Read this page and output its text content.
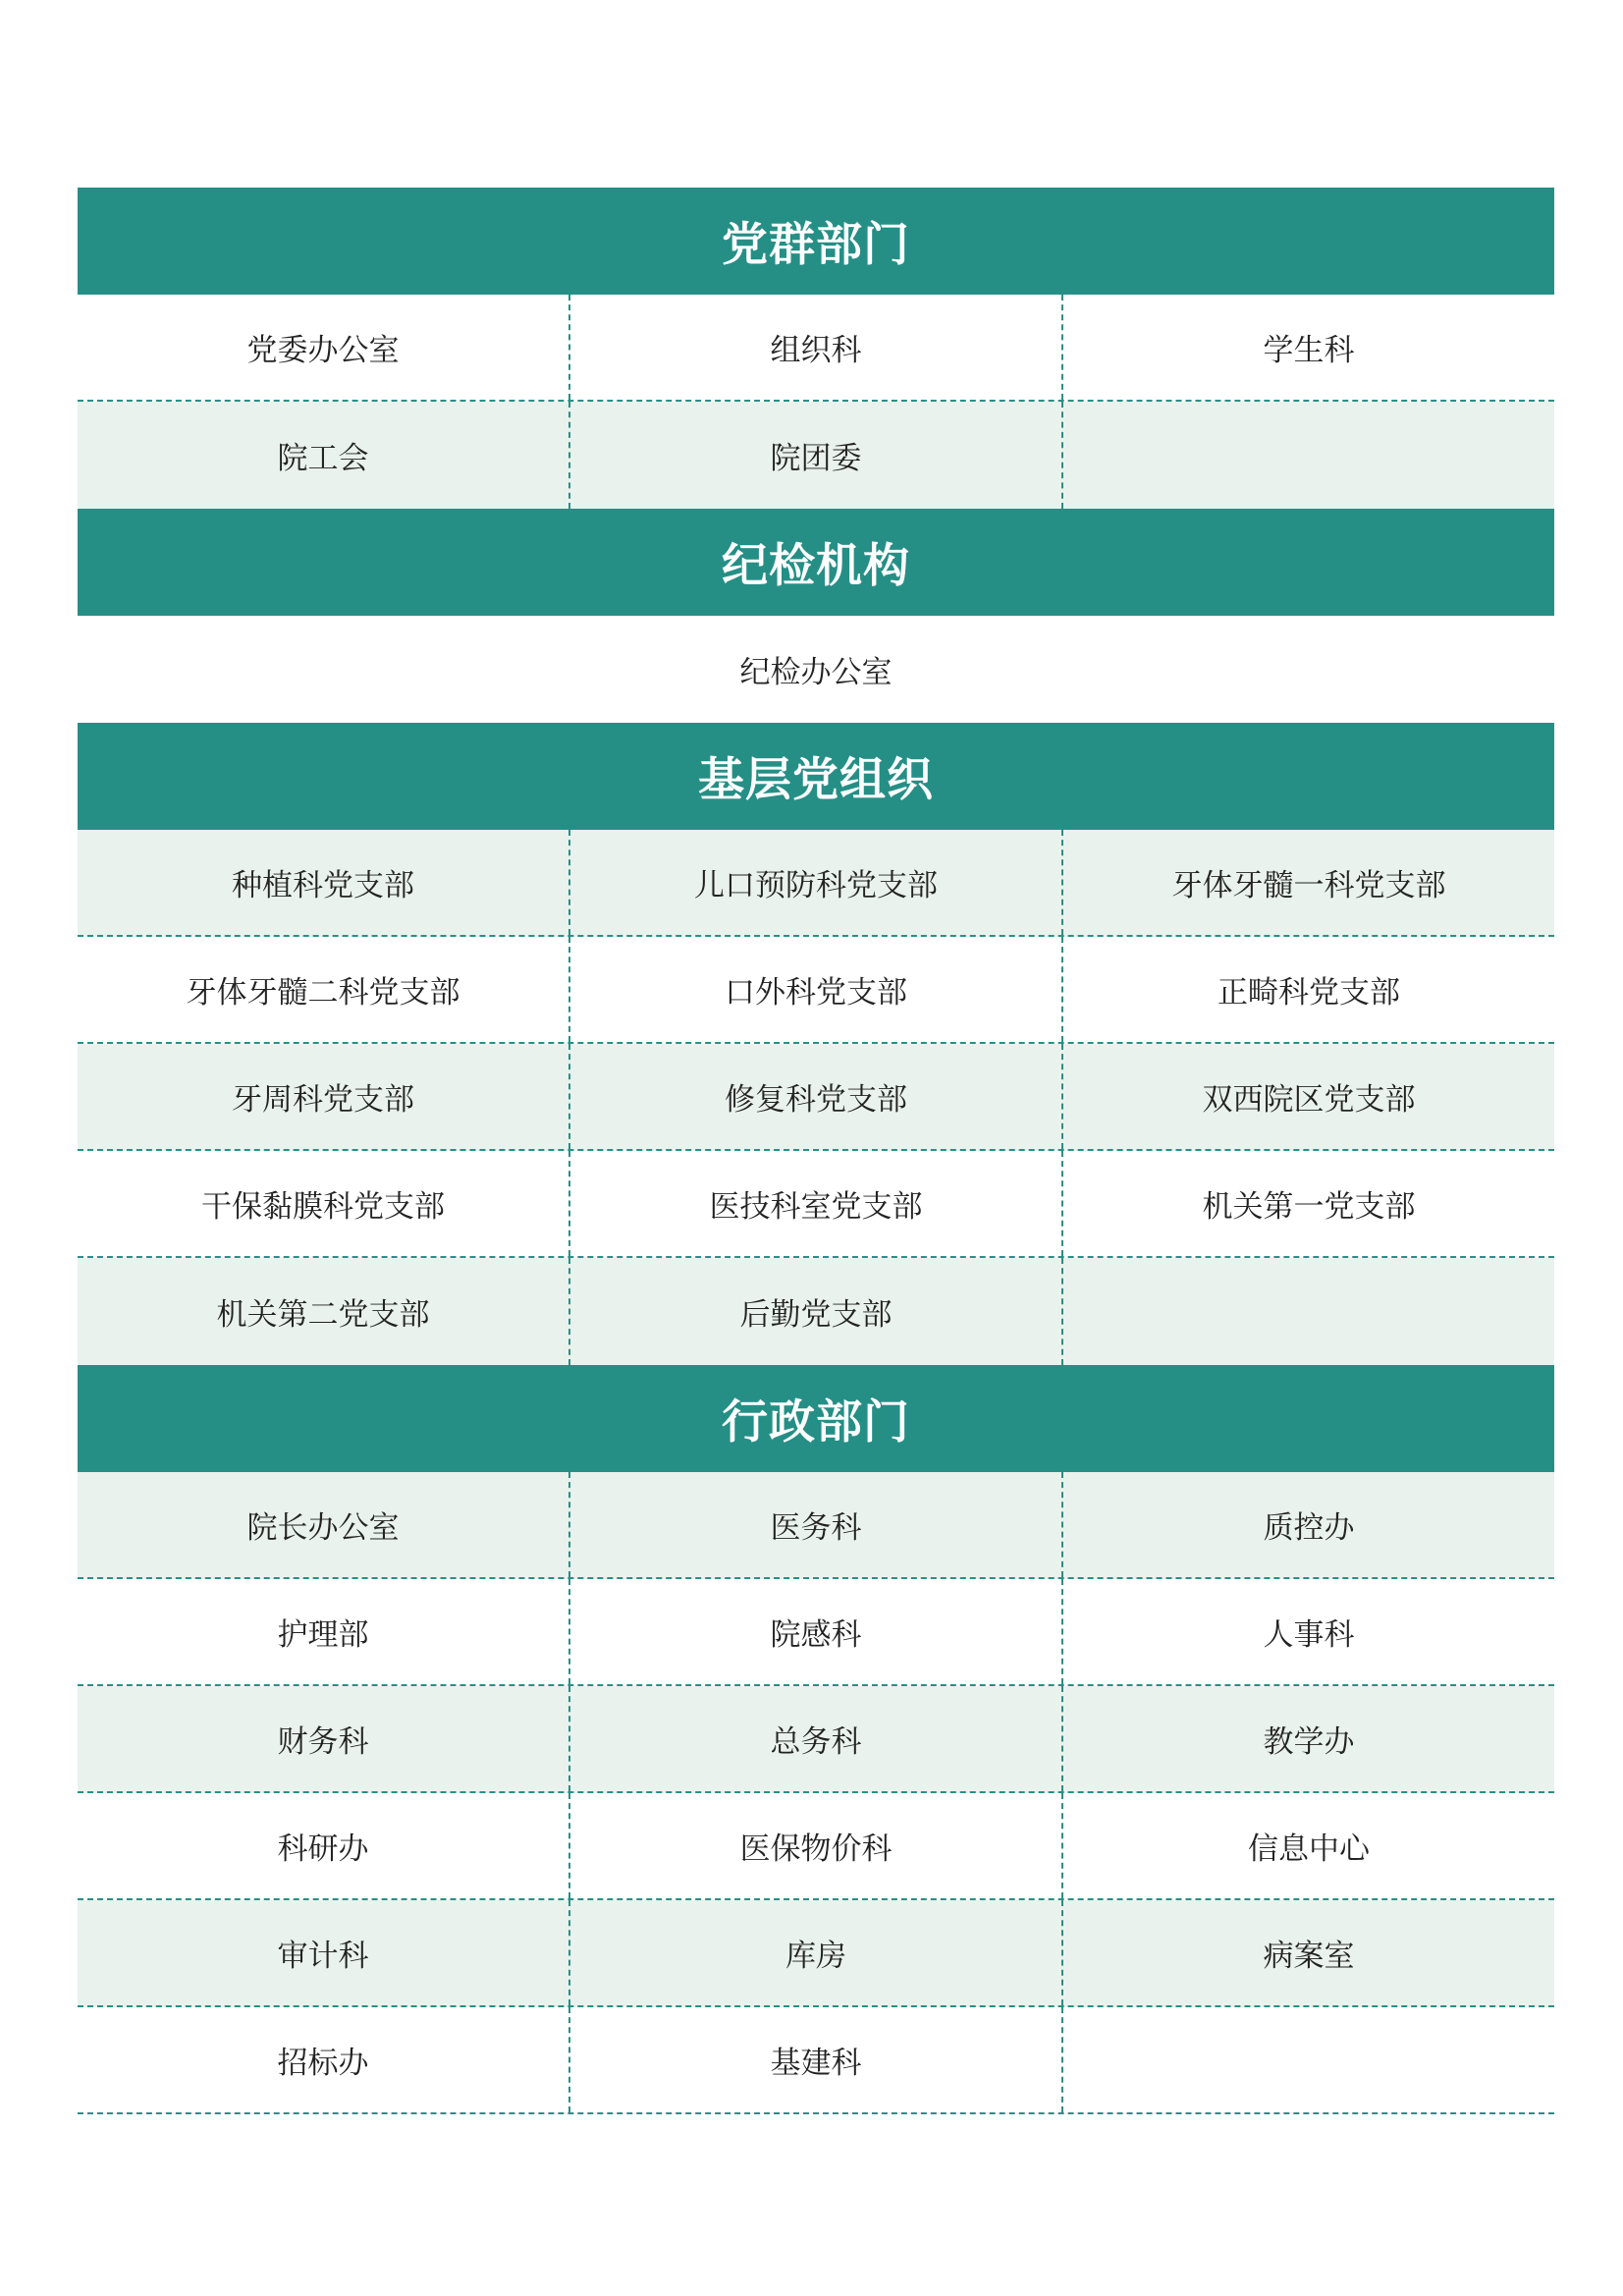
党群部门
党委办公室	组织科	学生科
院工会	院团委
纪检机构
纪检办公室
基层党组织
种植科党支部	儿口预防科党支部	牙体牙髓一科党支部
牙体牙髓二科党支部	口外科党支部	正畸科党支部
牙周科党支部	修复科党支部	双西院区党支部
干保黏膜科党支部	医技科室党支部	机关第一党支部
机关第二党支部	后勤党支部
行政部门
院长办公室	医务科	质控办
护理部	院感科	人事科
财务科	总务科	教学办
科研办	医保物价科	信息中心
审计科	库房	病案室
招标办	基建科
